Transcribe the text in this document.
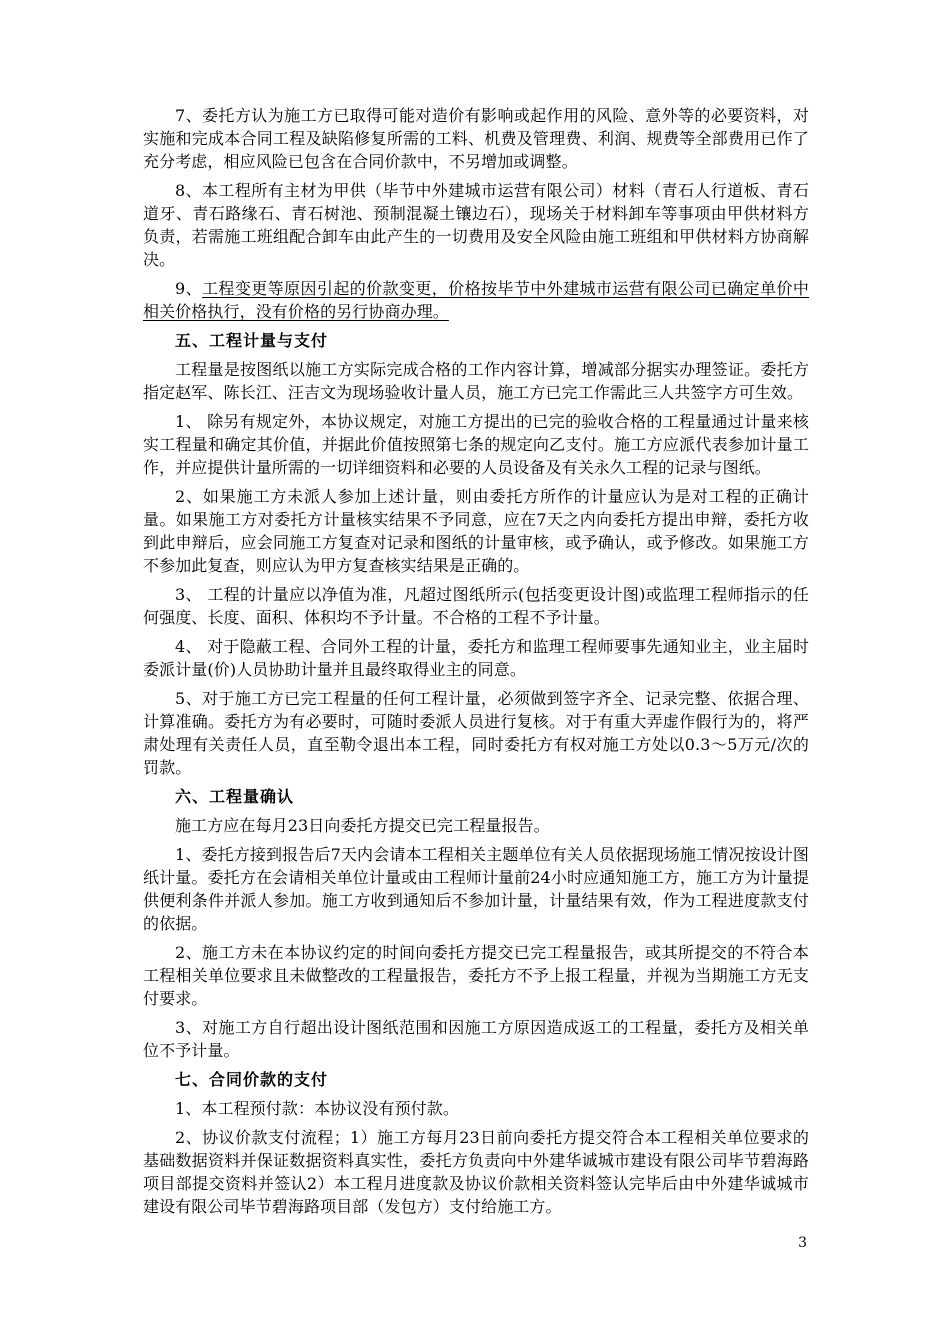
7、委托方认为施工方已取得可能对造价有影响或起作用的风险、意外等的必要资料，对实施和完成本合同工程及缺陷修复所需的工料、机费及管理费、利润、规费等全部费用已作了充分考虑，相应风险已包含在合同价款中，不另增加或调整。

8、本工程所有主材为甲供（毕节中外建城市运营有限公司）材料（青石人行道板、青石道牙、青石路缘石、青石树池、预制混凝土镶边石），现场关于材料卸车等事项由甲供材料方负责，若需施工班组配合卸车由此产生的一切费用及安全风险由施工班组和甲供材料方协商解决。

9、工程变更等原因引起的价款变更，价格按毕节中外建城市运营有限公司已确定单价中相关价格执行，没有价格的另行协商办理。

五、工程计量与支付

工程量是按图纸以施工方实际完成合格的工作内容计算，增减部分据实办理签证。委托方指定赵军、陈长江、汪吉文为现场验收计量人员，施工方已完工作需此三人共签字方可生效。

1、 除另有规定外，本协议规定，对施工方提出的已完的验收合格的工程量通过计量来核实工程量和确定其价值，并据此价值按照第七条的规定向乙支付。施工方应派代表参加计量工作，并应提供计量所需的一切详细资料和必要的人员设备及有关永久工程的记录与图纸。

2、如果施工方未派人参加上述计量，则由委托方所作的计量应认为是对工程的正确计量。如果施工方对委托方计量核实结果不予同意，应在7天之内向委托方提出申辩，委托方收到此申辩后，应会同施工方复查对记录和图纸的计量审核，或予确认，或予修改。如果施工方不参加此复查，则应认为甲方复查核实结果是正确的。

3、 工程的计量应以净值为准，凡超过图纸所示(包括变更设计图)或监理工程师指示的任何强度、长度、面积、体积均不予计量。不合格的工程不予计量。

4、 对于隐蔽工程、合同外工程的计量，委托方和监理工程师要事先通知业主，业主届时委派计量(价)人员协助计量并且最终取得业主的同意。

5、对于施工方已完工程量的任何工程计量，必须做到签字齐全、记录完整、依据合理、计算准确。委托方为有必要时，可随时委派人员进行复核。对于有重大弄虚作假行为的，将严肃处理有关责任人员，直至勒令退出本工程，同时委托方有权对施工方处以0.3～5万元/次的罚款。

六、工程量确认

施工方应在每月23日向委托方提交已完工程量报告。

1、委托方接到报告后7天内会请本工程相关主题单位有关人员依据现场施工情况按设计图纸计量。委托方在会请相关单位计量或由工程师计量前24小时应通知施工方，施工方为计量提供便利条件并派人参加。施工方收到通知后不参加计量，计量结果有效，作为工程进度款支付的依据。

2、施工方未在本协议约定的时间向委托方提交已完工程量报告，或其所提交的不符合本工程相关单位要求且未做整改的工程量报告，委托方不予上报工程量，并视为当期施工方无支付要求。

3、对施工方自行超出设计图纸范围和因施工方原因造成返工的工程量，委托方及相关单位不予计量。

七、合同价款的支付

1、本工程预付款：本协议没有预付款。

2、协议价款支付流程；1）施工方每月23日前向委托方提交符合本工程相关单位要求的基础数据资料并保证数据资料真实性，委托方负责向中外建华诚城市建设有限公司毕节碧海路项目部提交资料并签认2）本工程月进度款及协议价款相关资料签认完毕后由中外建华诚城市建设有限公司毕节碧海路项目部（发包方）支付给施工方。

3
